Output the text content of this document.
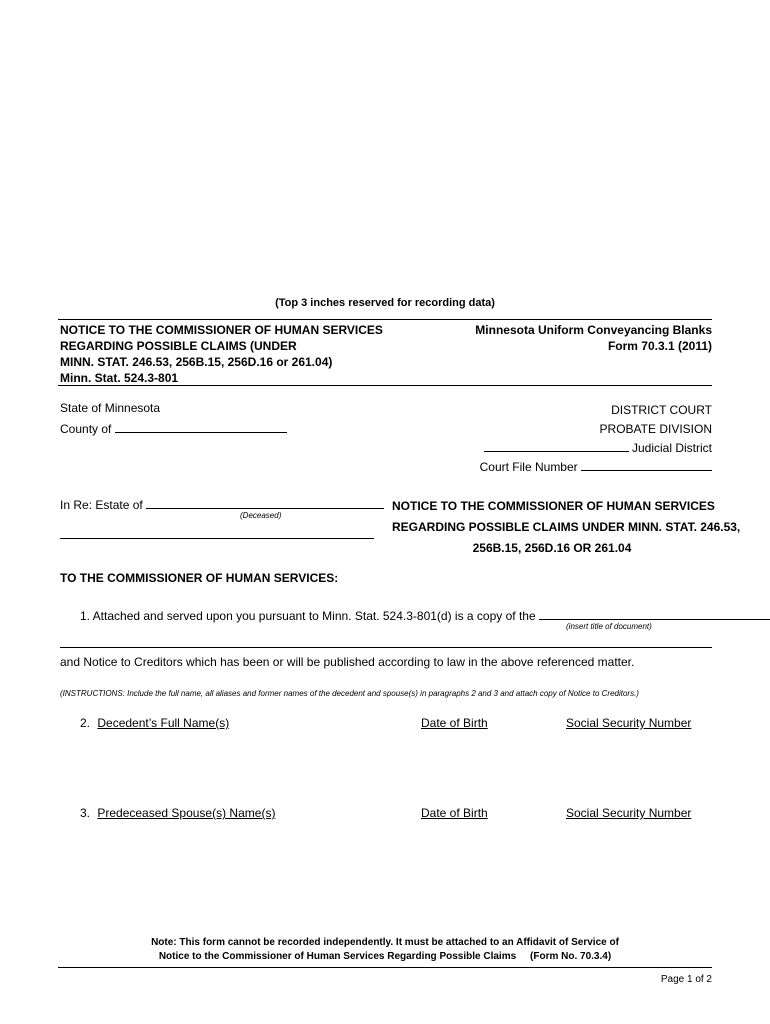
(Top 3 inches reserved for recording data)
NOTICE TO THE COMMISSIONER OF HUMAN SERVICES
REGARDING POSSIBLE CLAIMS (UNDER
MINN. STAT. 246.53, 256B.15, 256D.16 or 261.04)
Minn. Stat. 524.3-801
Minnesota Uniform Conveyancing Blanks
Form 70.3.1 (2011)
State of Minnesota
County of
DISTRICT COURT
PROBATE DIVISION
Judicial District
Court File Number
In Re: Estate of
(Deceased)
NOTICE TO THE COMMISSIONER OF HUMAN SERVICES
REGARDING POSSIBLE CLAIMS UNDER MINN. STAT. 246.53,
256B.15, 256D.16 OR 261.04
TO THE COMMISSIONER OF HUMAN SERVICES:
1. Attached and served upon you pursuant to Minn. Stat. 524.3-801(d) is a copy of the
(insert title of document)
and Notice to Creditors which has been or will be published according to law in the above referenced matter.
(INSTRUCTIONS: Include the full name, all aliases and former names of the decedent and spouse(s) in paragraphs 2 and 3 and attach copy of Notice to Creditors.)
2. Decedent’s Full Name(s)	Date of Birth	Social Security Number
3. Predeceased Spouse(s) Name(s)	Date of Birth	Social Security Number
Note: This form cannot be recorded independently. It must be attached to an Affidavit of Service of
Notice to the Commissioner of Human Services Regarding Possible Claims     (Form No. 70.3.4)
Page 1 of 2
